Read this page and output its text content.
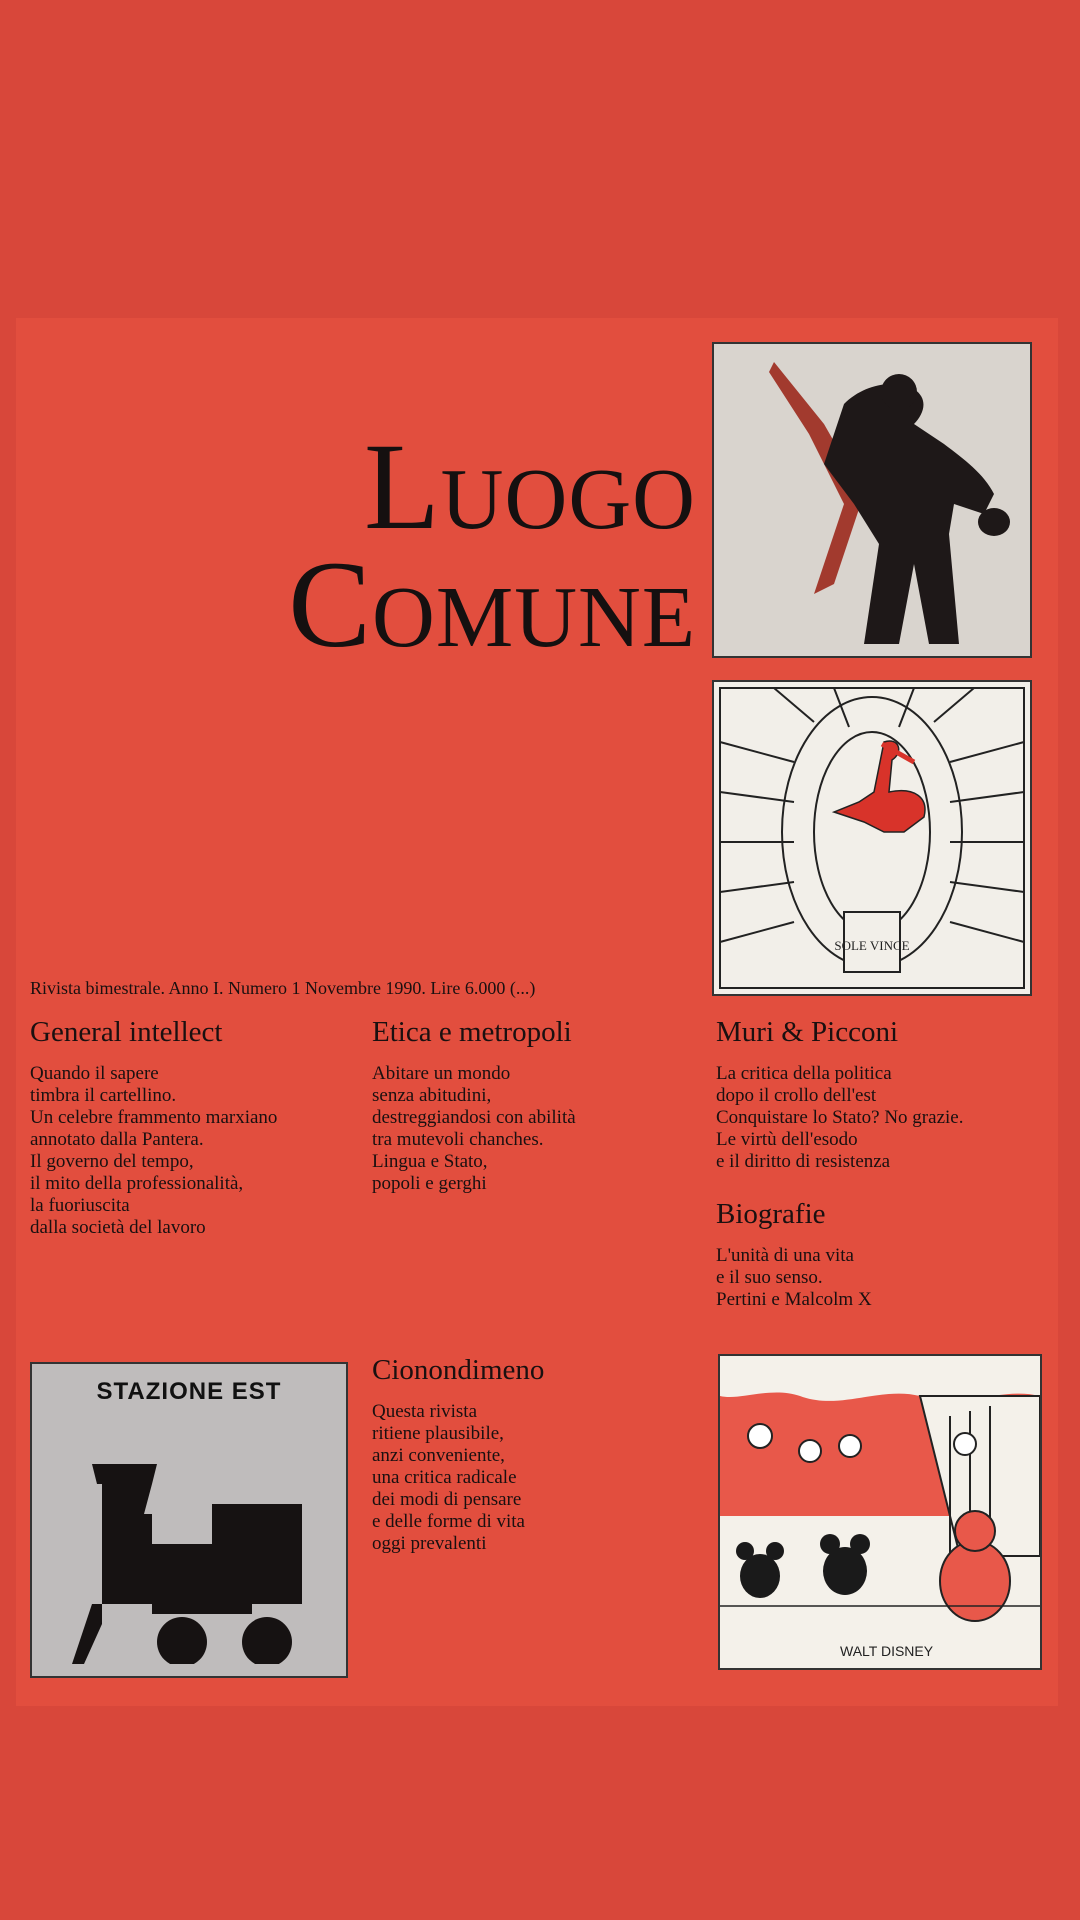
Luogo
Comune
SOLE VINCE
Rivista bimestrale. Anno I. Numero 1 Novembre 1990. Lire 6.000 (...)
General intellect

Quando il sapere
timbra il cartellino.
Un celebre frammento marxiano
annotato dalla Pantera.
Il governo del tempo,
il mito della professionalità,
la fuoriuscita
dalla società del lavoro

Etica e metropoli

Abitare un mondo
senza abitudini,
destreggiandosi con abilità
tra mutevoli chanches.
Lingua e Stato,
popoli e gerghi

Muri & Picconi

La critica della politica
dopo il crollo dell'est
Conquistare lo Stato? No grazie.
Le virtù dell'esodo
e il diritto di resistenza

Biografie

L'unità di una vita
e il suo senso.
Pertini e Malcolm X

STAZIONE EST
Cionondimeno

Questa rivista
ritiene plausibile,
anzi conveniente,
una critica radicale
dei modi di pensare
e delle forme di vita
oggi prevalenti

WALT DISNEY
